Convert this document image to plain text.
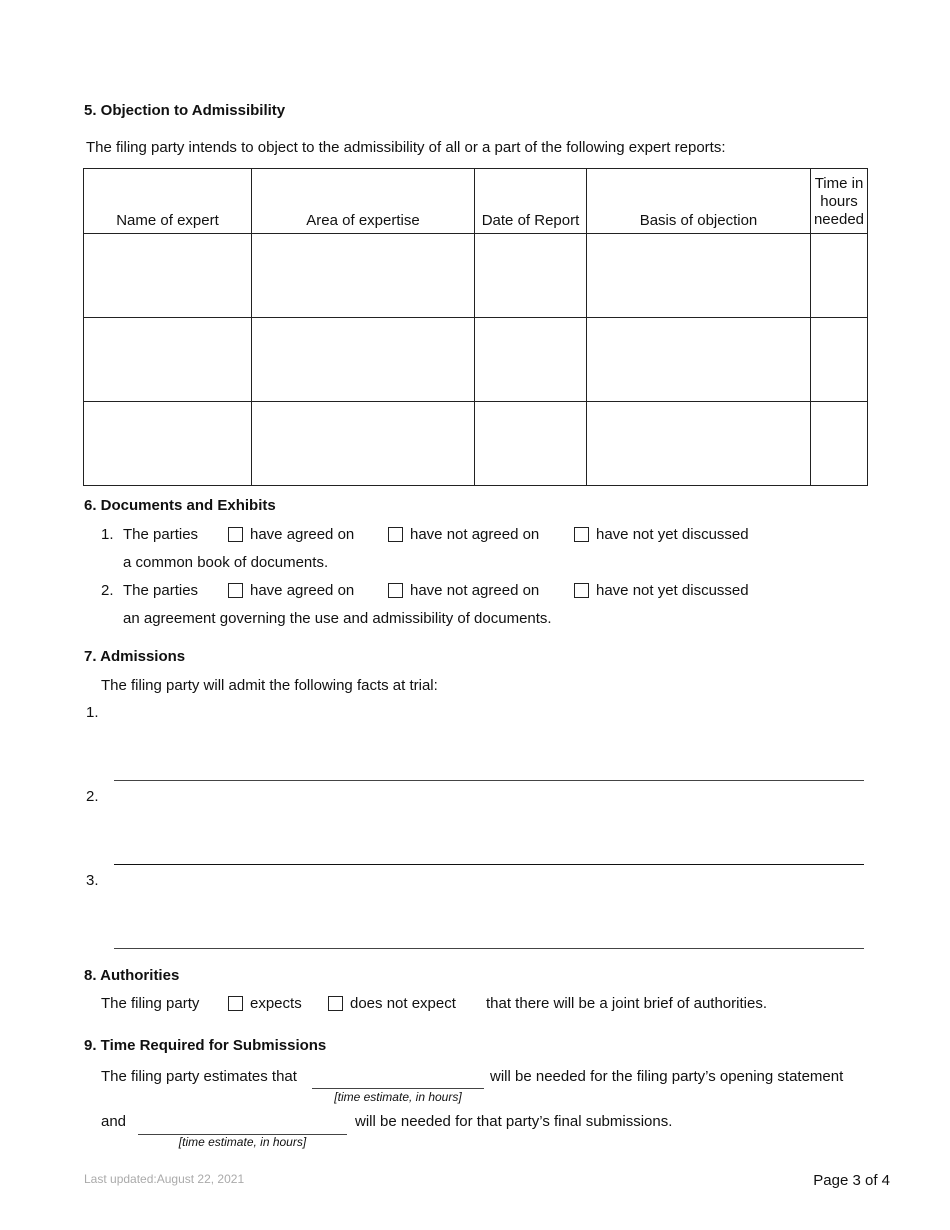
5. Objection to Admissibility
The filing party intends to object to the admissibility of all or a part of the following expert reports:
Name of expert	Area of expertise	Date of Report	Basis of objection	Time in hours needed

6. Documents and Exhibits
1. The parties	have agreed on	have not agreed on	have not yet discussed
a common book of documents.
2. The parties	have agreed on	have not agreed on	have not yet discussed
an agreement governing the use and admissibility of documents.
7. Admissions
The filing party will admit the following facts at trial:
1.
2.
3.
8. Authorities
The filing party	expects	does not expect that there will be a joint brief of authorities.
9. Time Required for Submissions
The filing party estimates that
[time estimate, in hours]
will be needed for the filing party’s opening statement
and
[time estimate, in hours]
will be needed for that party’s final submissions.
Last updated:August 22, 2021	Page 3 of 4
